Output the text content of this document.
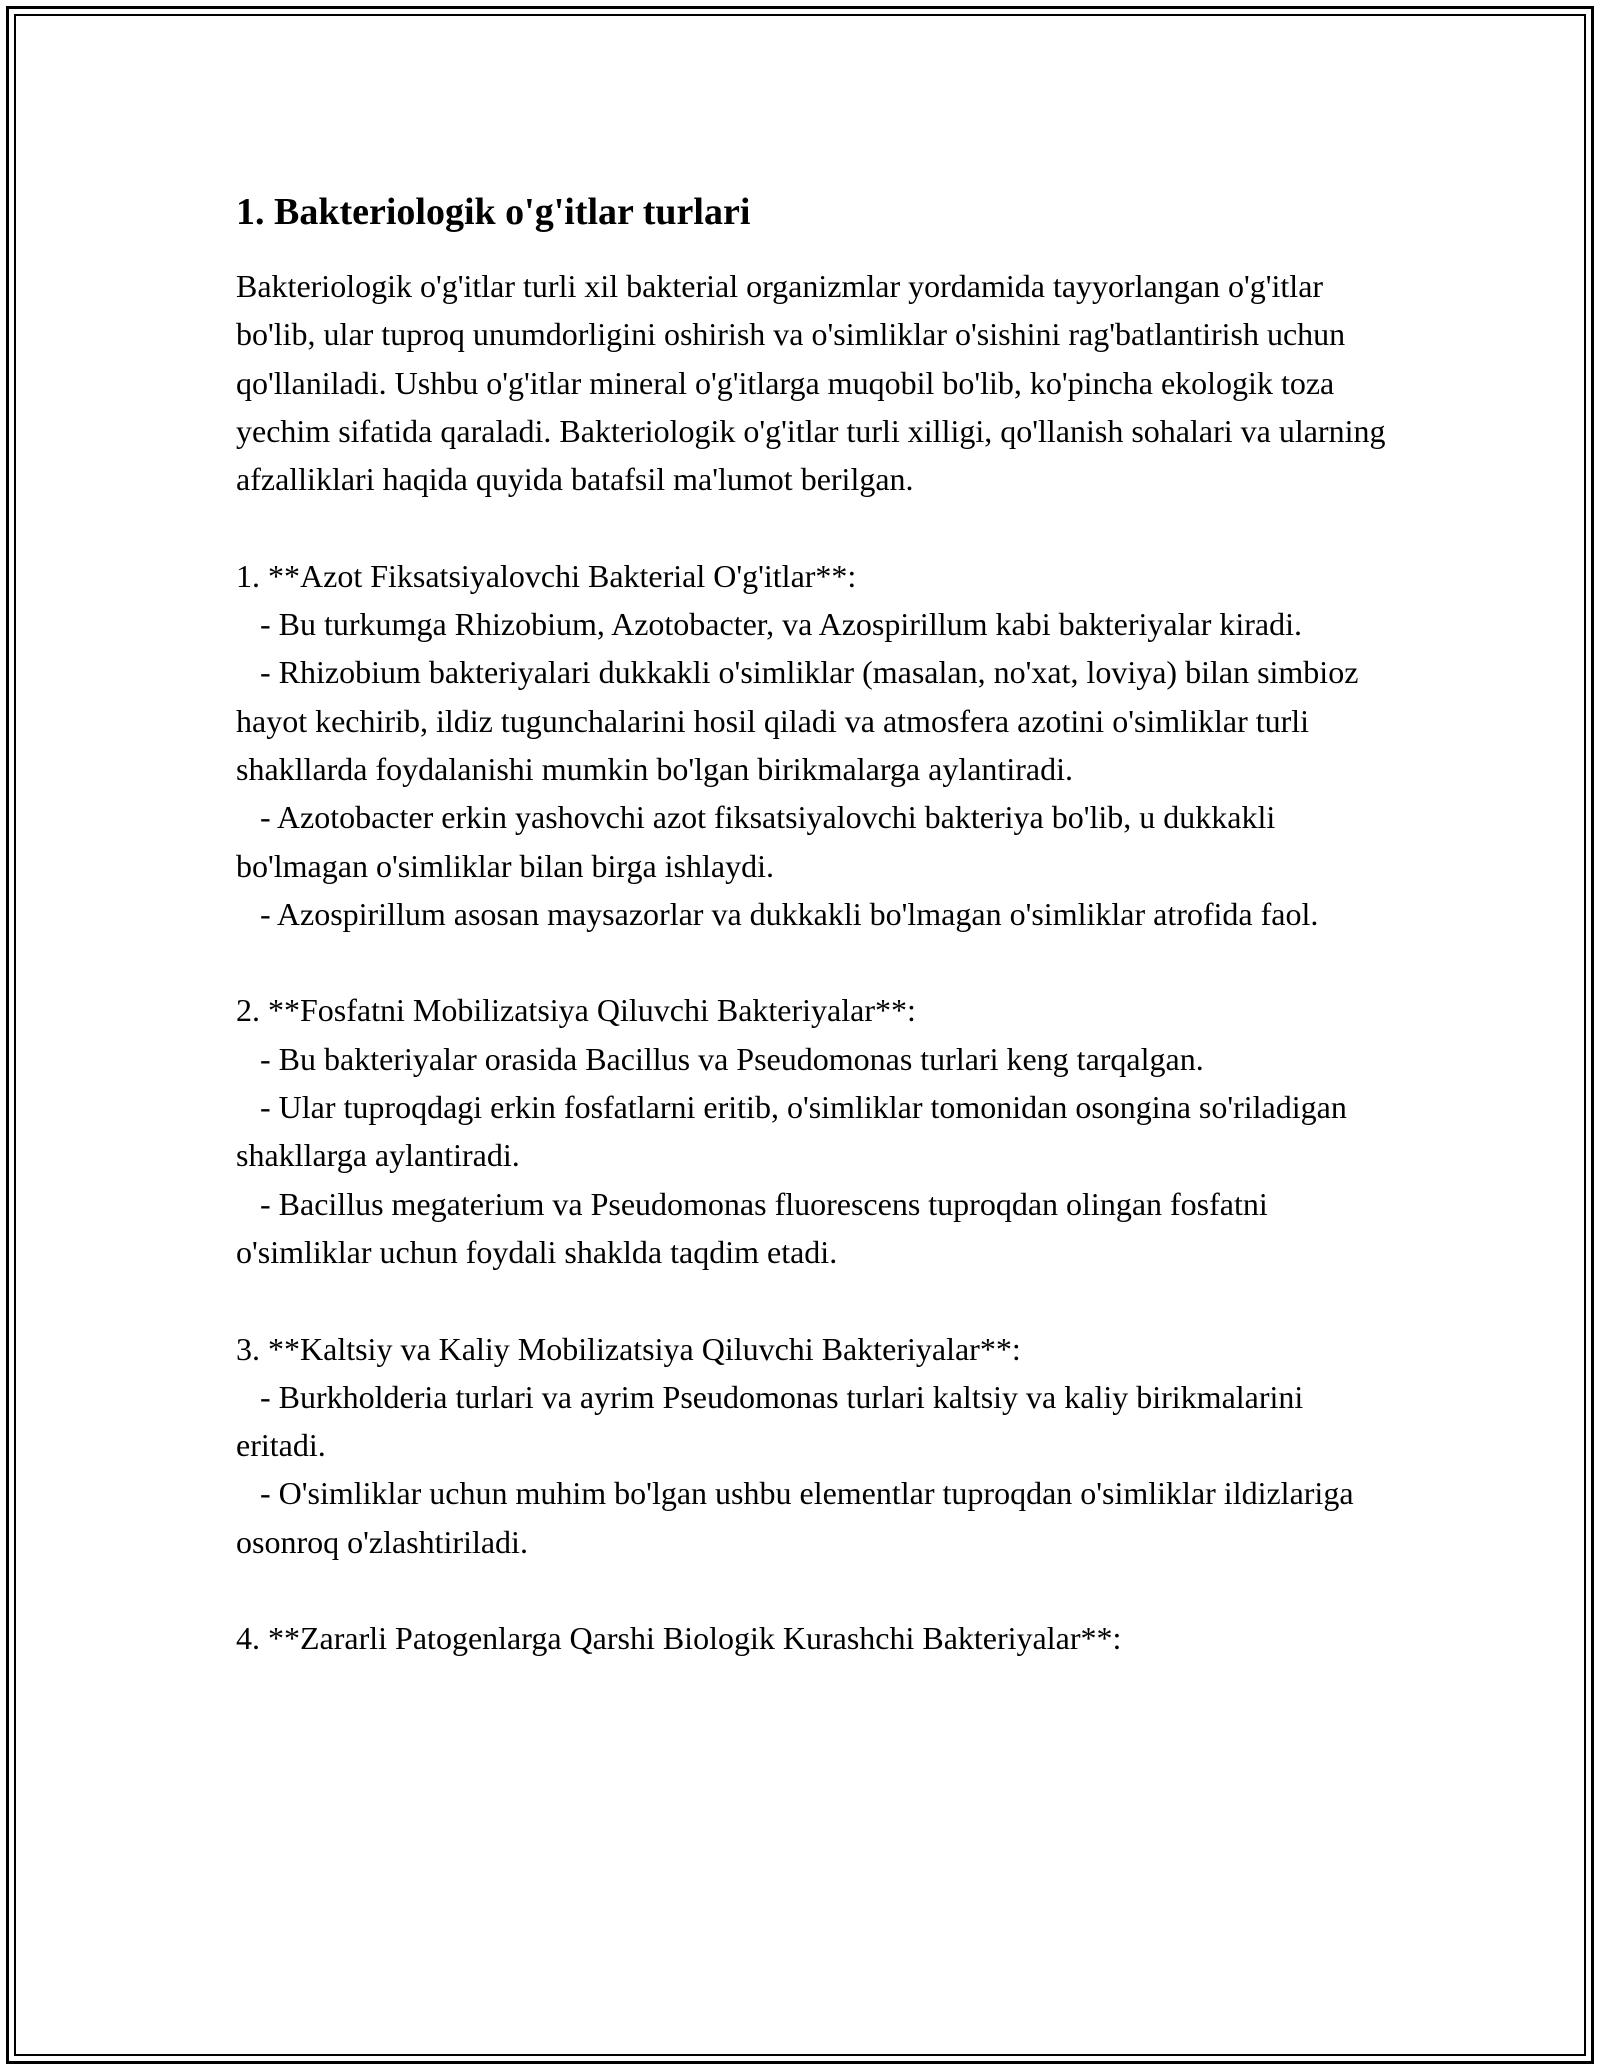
1. Bakteriologik o'g'itlar turlari

Bakteriologik o'g'itlar turli xil bakterial organizmlar yordamida tayyorlangan o'g'itlar bo'lib, ular tuproq unumdorligini oshirish va o'simliklar o'sishini rag'batlantirish uchun qo'llaniladi. Ushbu o'g'itlar mineral o'g'itlarga muqobil bo'lib, ko'pincha ekologik toza yechim sifatida qaraladi. Bakteriologik o'g'itlar turli xilligi, qo'llanish sohalari va ularning afzalliklari haqida quyida batafsil ma'lumot berilgan.

1. **Azot Fiksatsiyalovchi Bakterial O'g'itlar**:

- Bu turkumga Rhizobium, Azotobacter, va Azospirillum kabi bakteriyalar kiradi.

- Rhizobium bakteriyalari dukkakli o'simliklar (masalan, no'xat, loviya) bilan simbioz hayot kechirib, ildiz tugunchalarini hosil qiladi va atmosfera azotini o'simliklar turli shakllarda foydalanishi mumkin bo'lgan birikmalarga aylantiradi.

- Azotobacter erkin yashovchi azot fiksatsiyalovchi bakteriya bo'lib, u dukkakli bo'lmagan o'simliklar bilan birga ishlaydi.

- Azospirillum asosan maysazorlar va dukkakli bo'lmagan o'simliklar atrofida faol.

2. **Fosfatni Mobilizatsiya Qiluvchi Bakteriyalar**:

- Bu bakteriyalar orasida Bacillus va Pseudomonas turlari keng tarqalgan.

- Ular tuproqdagi erkin fosfatlarni eritib, o'simliklar tomonidan osongina so'riladigan shakllarga aylantiradi.

- Bacillus megaterium va Pseudomonas fluorescens tuproqdan olingan fosfatni o'simliklar uchun foydali shaklda taqdim etadi.

3. **Kaltsiy va Kaliy Mobilizatsiya Qiluvchi Bakteriyalar**:

- Burkholderia turlari va ayrim Pseudomonas turlari kaltsiy va kaliy birikmalarini eritadi.

- O'simliklar uchun muhim bo'lgan ushbu elementlar tuproqdan o'simliklar ildizlariga osonroq o'zlashtiriladi.

4. **Zararli Patogenlarga Qarshi Biologik Kurashchi Bakteriyalar**:
